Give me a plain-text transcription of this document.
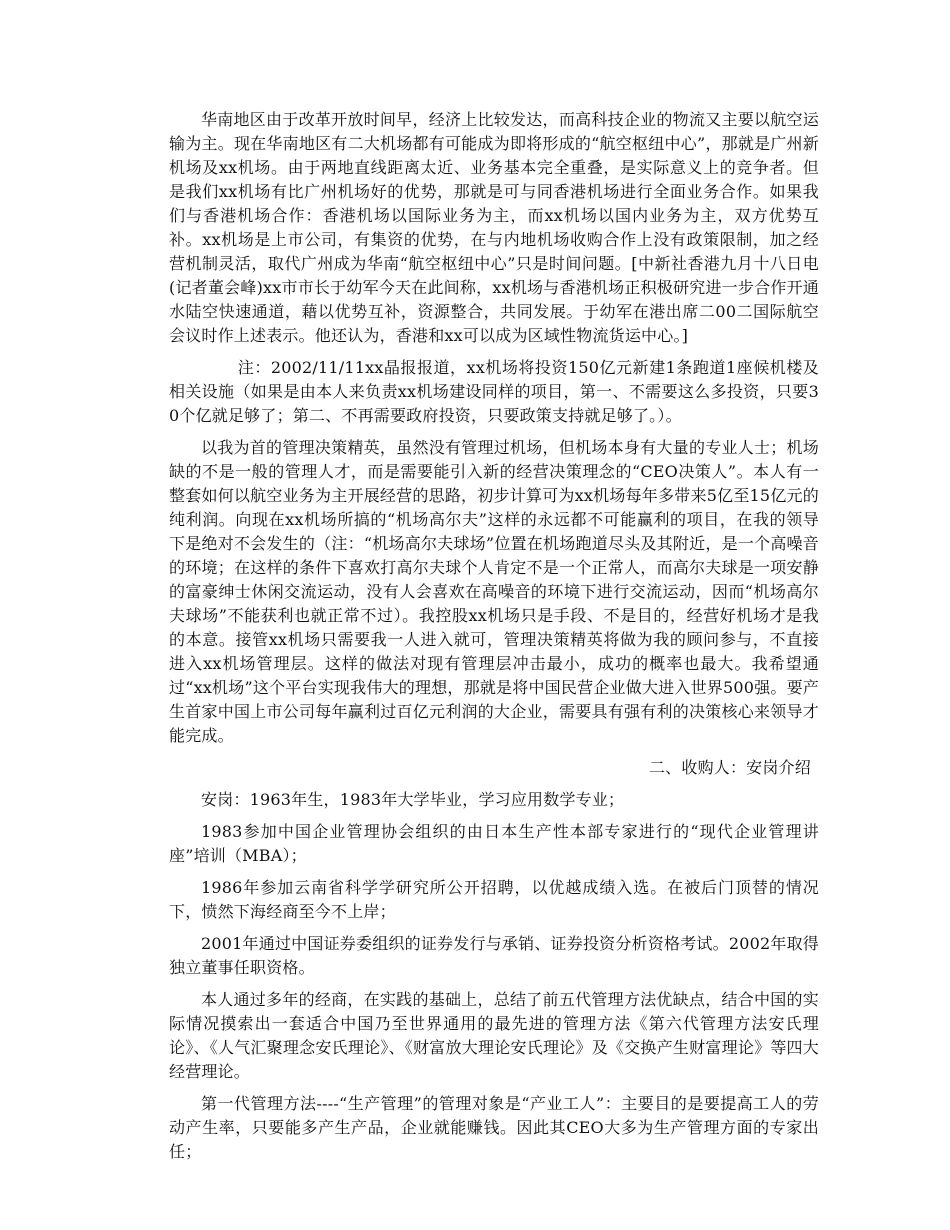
华南地区由于改革开放时间早，经济上比较发达，而高科技企业的物流又主要以航空运输为主。现在华南地区有二大机场都有可能成为即将形成的“航空枢纽中心”，那就是广州新机场及xx机场。由于两地直线距离太近、业务基本完全重叠，是实际意义上的竞争者。但是我们xx机场有比广州机场好的优势，那就是可与同香港机场进行全面业务合作。如果我们与香港机场合作：香港机场以国际业务为主，而xx机场以国内业务为主，双方优势互补。xx机场是上市公司，有集资的优势，在与内地机场收购合作上没有政策限制，加之经营机制灵活，取代广州成为华南“航空枢纽中心”只是时间问题。[中新社香港九月十八日电(记者董会峰)xx市市长于幼军今天在此间称，xx机场与香港机场正积极研究进一步合作开通水陆空快速通道，藉以优势互补，资源整合，共同发展。于幼军在港出席二00二国际航空会议时作上述表示。他还认为，香港和xx可以成为区域性物流货运中心。]

注：2002/11/11xx晶报报道，xx机场将投资150亿元新建1条跑道1座候机楼及相关设施（如果是由本人来负责xx机场建设同样的项目，第一、不需要这么多投资，只要30个亿就足够了；第二、不再需要政府投资，只要政策支持就足够了。）。

以我为首的管理决策精英，虽然没有管理过机场，但机场本身有大量的专业人士；机场缺的不是一般的管理人才，而是需要能引入新的经营决策理念的“CEO决策人”。本人有一整套如何以航空业务为主开展经营的思路，初步计算可为xx机场每年多带来5亿至15亿元的纯利润。向现在xx机场所搞的“机场高尔夫”这样的永远都不可能赢利的项目，在我的领导下是绝对不会发生的（注：“机场高尔夫球场”位置在机场跑道尽头及其附近，是一个高噪音的环境；在这样的条件下喜欢打高尔夫球个人肯定不是一个正常人，而高尔夫球是一项安静的富豪绅士休闲交流运动，没有人会喜欢在高噪音的环境下进行交流运动，因而“机场高尔夫球场”不能获利也就正常不过）。我控股xx机场只是手段、不是目的，经营好机场才是我的本意。接管xx机场只需要我一人进入就可，管理决策精英将做为我的顾问参与，不直接进入xx机场管理层。这样的做法对现有管理层冲击最小，成功的概率也最大。我希望通过“xx机场”这个平台实现我伟大的理想，那就是将中国民营企业做大进入世界500强。要产生首家中国上市公司每年赢利过百亿元利润的大企业，需要具有强有利的决策核心来领导才能完成。

二、收购人：安岗介绍

安岗：1963年生，1983年大学毕业，学习应用数学专业；

1983参加中国企业管理协会组织的由日本生产性本部专家进行的“现代企业管理讲座”培训（MBA）；

1986年参加云南省科学学研究所公开招聘，以优越成绩入选。在被后门顶替的情况下，愤然下海经商至今不上岸；

2001年通过中国证券委组织的证券发行与承销、证券投资分析资格考试。2002年取得独立董事任职资格。

本人通过多年的经商，在实践的基础上，总结了前五代管理方法优缺点，结合中国的实际情况摸索出一套适合中国乃至世界通用的最先进的管理方法《第六代管理方法安氏理论》、《人气汇聚理念安氏理论》、《财富放大理论安氏理论》及《交换产生财富理论》等四大经营理论。

第一代管理方法----“生产管理”的管理对象是“产业工人”：主要目的是要提高工人的劳动产生率，只要能多产生产品，企业就能赚钱。因此其CEO大多为生产管理方面的专家出任；
